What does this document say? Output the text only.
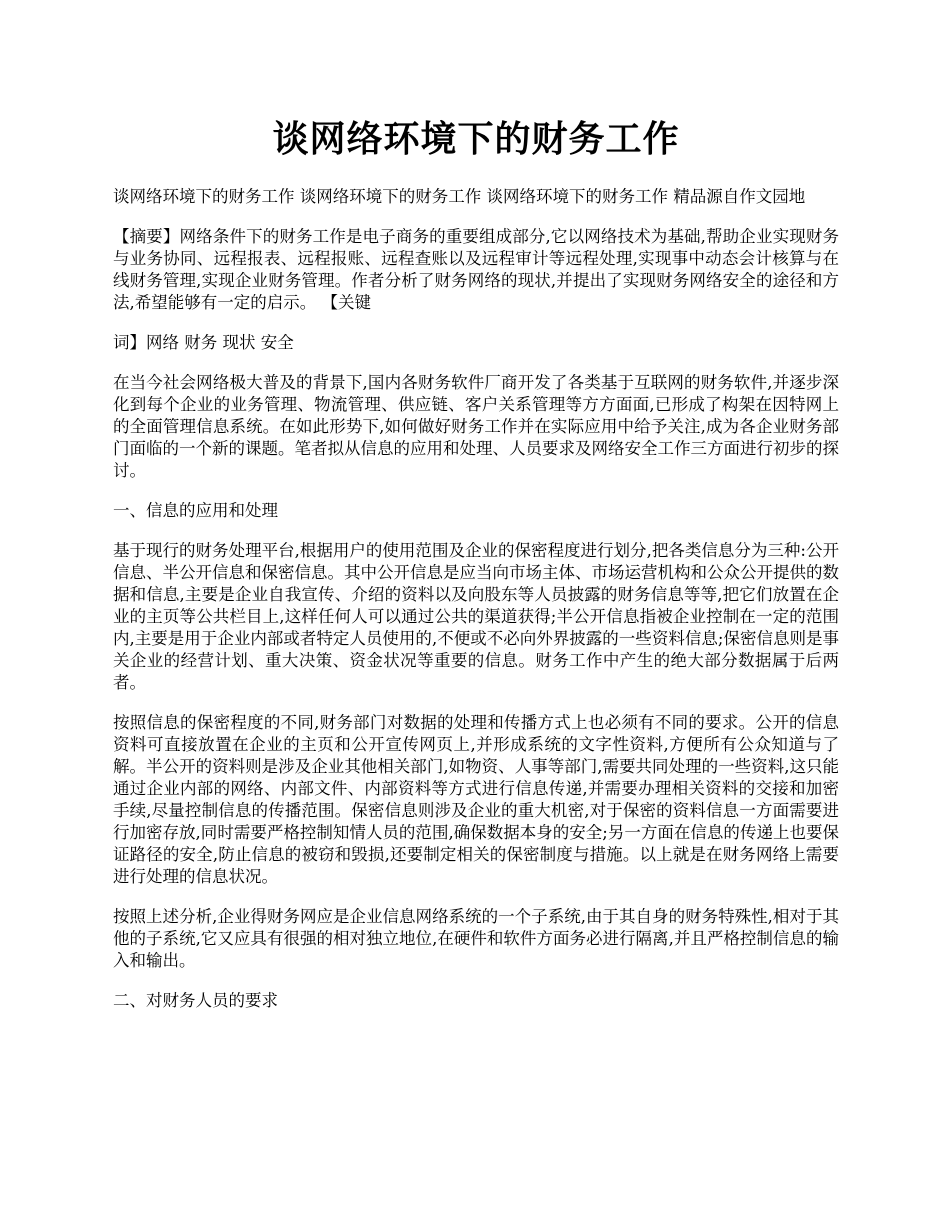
谈网络环境下的财务工作

谈网络环境下的财务工作 谈网络环境下的财务工作 谈网络环境下的财务工作 精品源自作文园地

【摘要】网络条件下的财务工作是电子商务的重要组成部分,它以网络技术为基础,帮助企业实现财务与业务协同、远程报表、远程报账、远程查账以及远程审计等远程处理,实现事中动态会计核算与在线财务管理,实现企业财务管理。作者分析了财务网络的现状,并提出了实现财务网络安全的途径和方法,希望能够有一定的启示。 【关键

词】网络 财务 现状 安全

在当今社会网络极大普及的背景下,国内各财务软件厂商开发了各类基于互联网的财务软件,并逐步深化到每个企业的业务管理、物流管理、供应链、客户关系管理等方方面面,已形成了构架在因特网上的全面管理信息系统。在如此形势下,如何做好财务工作并在实际应用中给予关注,成为各企业财务部门面临的一个新的课题。笔者拟从信息的应用和处理、人员要求及网络安全工作三方面进行初步的探讨。

一、信息的应用和处理

基于现行的财务处理平台,根据用户的使用范围及企业的保密程度进行划分,把各类信息分为三种:公开信息、半公开信息和保密信息。其中公开信息是应当向市场主体、市场运营机构和公众公开提供的数据和信息,主要是企业自我宣传、介绍的资料以及向股东等人员披露的财务信息等等,把它们放置在企业的主页等公共栏目上,这样任何人可以通过公共的渠道获得;半公开信息指被企业控制在一定的范围内,主要是用于企业内部或者特定人员使用的,不便或不必向外界披露的一些资料信息;保密信息则是事关企业的经营计划、重大决策、资金状况等重要的信息。财务工作中产生的绝大部分数据属于后两者。

按照信息的保密程度的不同,财务部门对数据的处理和传播方式上也必须有不同的要求。公开的信息资料可直接放置在企业的主页和公开宣传网页上,并形成系统的文字性资料,方便所有公众知道与了解。半公开的资料则是涉及企业其他相关部门,如物资、人事等部门,需要共同处理的一些资料,这只能通过企业内部的网络、内部文件、内部资料等方式进行信息传递,并需要办理相关资料的交接和加密手续,尽量控制信息的传播范围。保密信息则涉及企业的重大机密,对于保密的资料信息一方面需要进行加密存放,同时需要严格控制知情人员的范围,确保数据本身的安全;另一方面在信息的传递上也要保证路径的安全,防止信息的被窃和毁损,还要制定相关的保密制度与措施。以上就是在财务网络上需要进行处理的信息状况。

按照上述分析,企业得财务网应是企业信息网络系统的一个子系统,由于其自身的财务特殊性,相对于其他的子系统,它又应具有很强的相对独立地位,在硬件和软件方面务必进行隔离,并且严格控制信息的输入和输出。

二、对财务人员的要求
